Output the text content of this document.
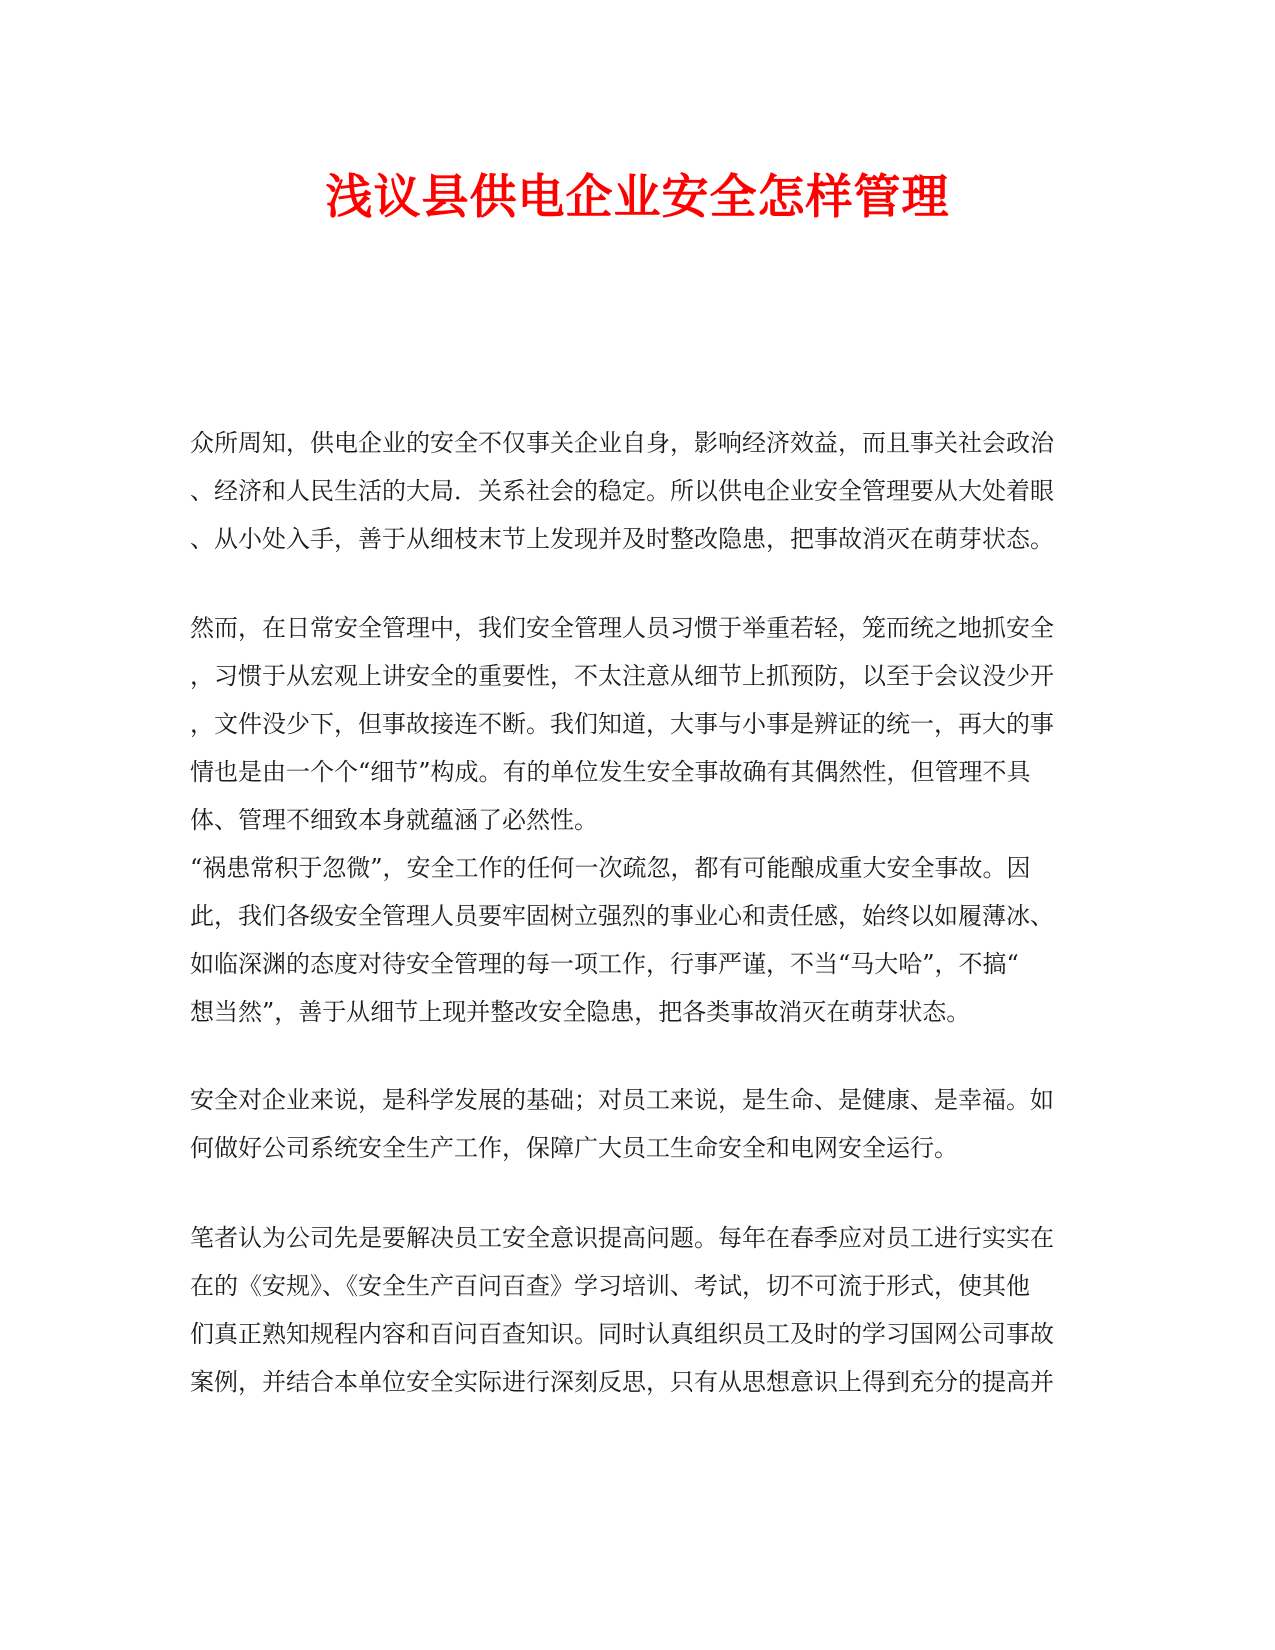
浅议县供电企业安全怎样管理
众所周知，供电企业的安全不仅事关企业自身，影响经济效益，而且事关社会政治
、经济和人民生活的大局．关系社会的稳定。所以供电企业安全管理要从大处着眼
、从小处入手，善于从细枝末节上发现并及时整改隐患，把事故消灭在萌芽状态。
然而，在日常安全管理中，我们安全管理人员习惯于举重若轻，笼而统之地抓安全
，习惯于从宏观上讲安全的重要性，不太注意从细节上抓预防，以至于会议没少开
，文件没少下，但事故接连不断。我们知道，大事与小事是辨证的统一，再大的事
情也是由一个个“细节”构成。有的单位发生安全事故确有其偶然性，但管理不具
体、管理不细致本身就蕴涵了必然性。
“祸患常积于忽微”，安全工作的任何一次疏忽，都有可能酿成重大安全事故。因
此，我们各级安全管理人员要牢固树立强烈的事业心和责任感，始终以如履薄冰、
如临深渊的态度对待安全管理的每一项工作，行事严谨，不当“马大哈”，不搞“
想当然”，善于从细节上现并整改安全隐患，把各类事故消灭在萌芽状态。
安全对企业来说，是科学发展的基础；对员工来说，是生命、是健康、是幸福。如
何做好公司系统安全生产工作，保障广大员工生命安全和电网安全运行。
笔者认为公司先是要解决员工安全意识提高问题。每年在春季应对员工进行实实在
在的《安规》、《安全生产百问百查》学习培训、考试，切不可流于形式，使其他
们真正熟知规程内容和百问百查知识。同时认真组织员工及时的学习国网公司事故
案例，并结合本单位安全实际进行深刻反思，只有从思想意识上得到充分的提高并
